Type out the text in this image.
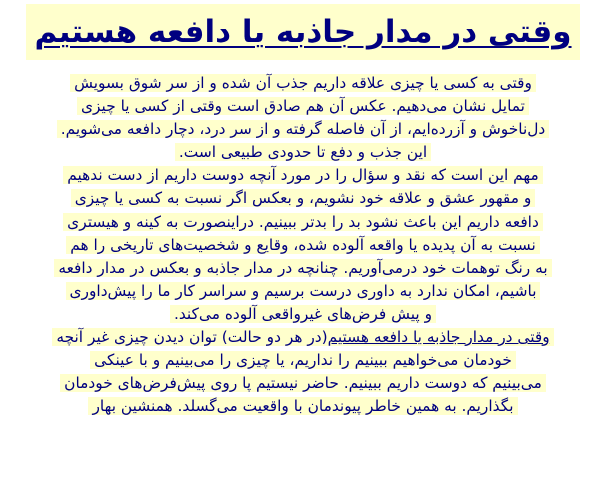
وقتی در مدار جاذبه یا دافعه هستیم
وقتی به کسی یا چیزی علاقه داریم جذب آن شده و از سر شوق بسویش
تمایل نشان می‌دهیم. عکس آن هم صادق است وقتی از کسی یا چیزی
دل‌ناخوش و آزرده‌ایم، از آن فاصله گرفته و از سر درد، دچار دافعه می‌شویم.
این جذب و دفع تا حدودی طبیعی است.
مهم این است که نقد و سؤال را در مورد آنچه دوست داریم از دست ندهیم
و مقهور عشق و علاقه خود نشویم، و بعکس اگر نسبت به کسی یا چیزی
دافعه داریم این باعث نشود بد را بدتر ببینیم. دراینصورت به کینه و هیستری
نسبت به آن پدیده یا واقعه آلوده شده، وقایع و شخصیت‌های تاریخی را هم
به رنگ توهمات خود درمی‌آوریم. چنانچه در مدار جاذبه و بعکس در مدار دافعه
باشیم، امکان ندارد به داوری درست برسیم و سراسر کار ما را پیش‌داوری
و پیش فرض‌های غیرواقعی آلوده می‌کند.
وقتی در مدار جاذبه یا دافعه هستیم(در هر دو حالت) توان دیدن چیزی غیر آنچه
خودمان می‌خواهیم ببینیم را نداریم، یا چیزی را می‌بینیم و با عینکی
می‌بینیم که دوست داریم ببینیم. حاضر نیستیم پا روی پیش‌فرض‌های خودمان
بگذاریم. به همین خاطر پیوندمان با واقعیت می‌گسلد. همنشین بهار
